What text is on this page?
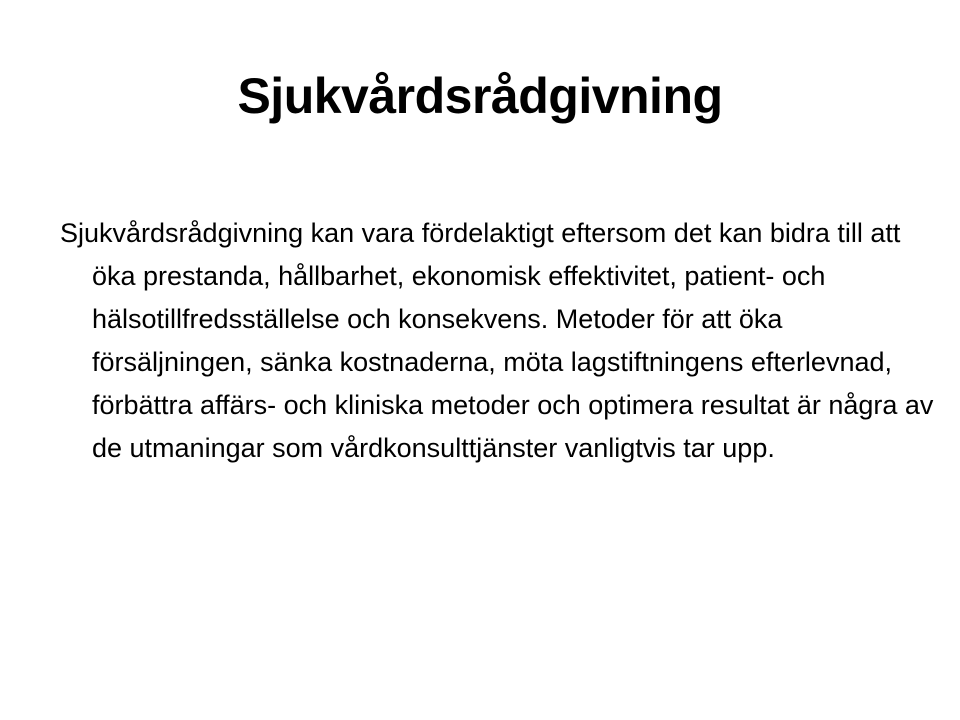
Sjukvårdsrådgivning

Sjukvårdsrådgivning kan vara fördelaktigt eftersom det kan bidra till att öka prestanda, hållbarhet, ekonomisk effektivitet, patient- och hälsotillfredsställelse och konsekvens. Metoder för att öka försäljningen, sänka kostnaderna, möta lagstiftningens efterlevnad, förbättra affärs- och kliniska metoder och optimera resultat är några av de utmaningar som vårdkonsulttjänster vanligtvis tar upp.
